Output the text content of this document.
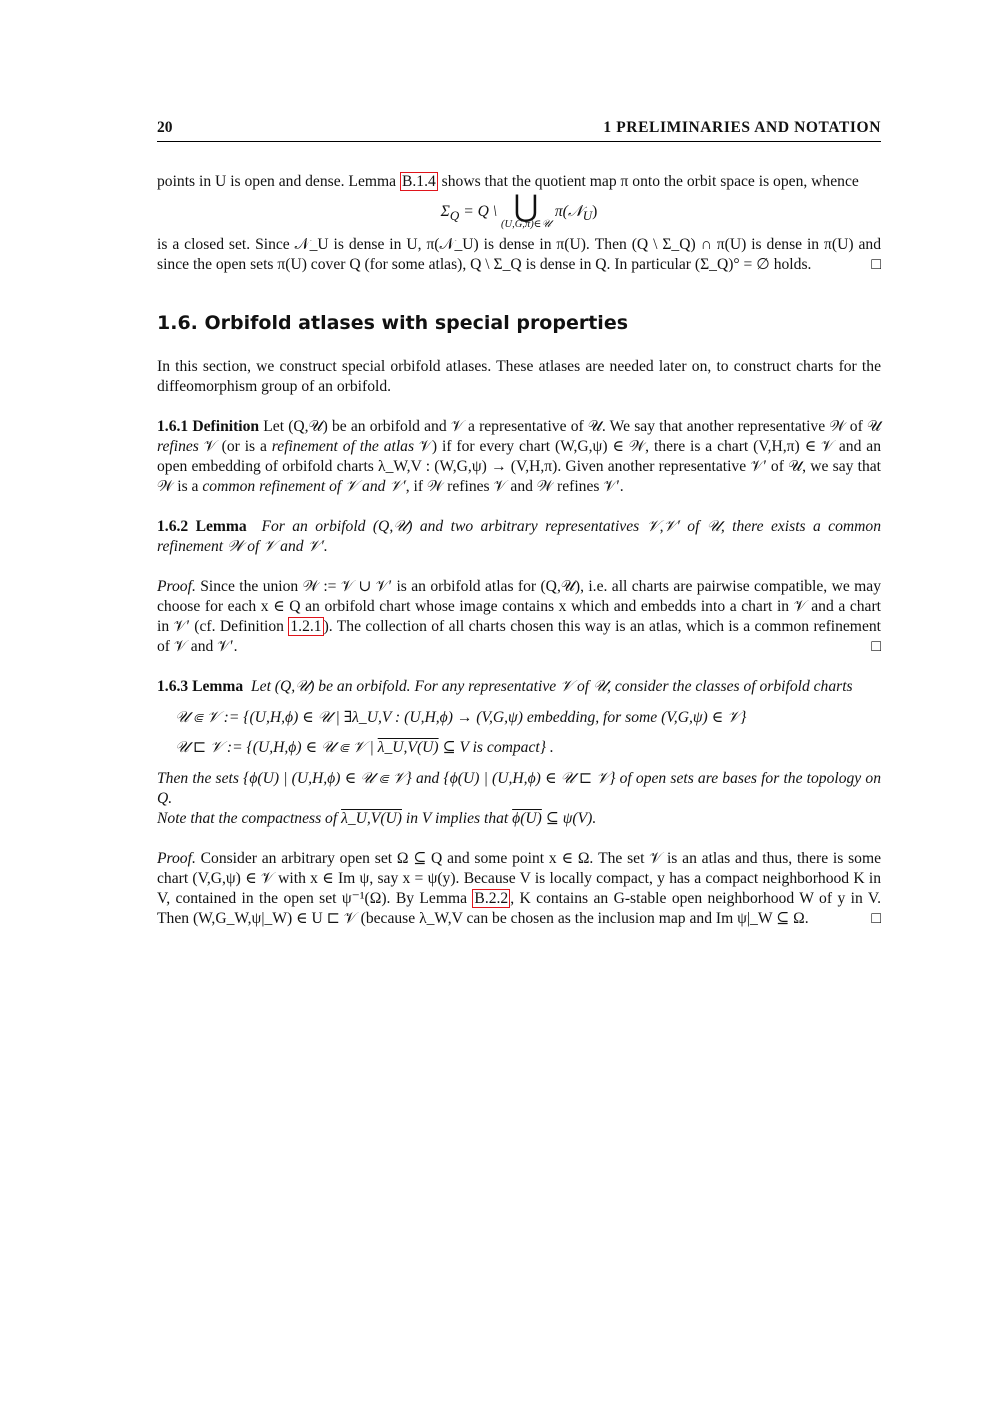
20	1 PRELIMINARIES AND NOTATION

points in U is open and dense. Lemma B.1.4 shows that the quotient map π onto the orbit space is open, whence

$\Sigma_Q = Q$ \ ⋃
(U,G,π)∈𝒰
π(𝒩$_U$)

is a closed set. Since 𝒩_U is dense in U, π(𝒩_U) is dense in π(U). Then (Q \ Σ_Q) ∩ π(U) is dense in π(U) and since the open sets π(U) cover Q (for some atlas), Q \ Σ_Q is dense in Q. In particular (Σ_Q)° = ∅ holds.	□

1.6. Orbifold atlases with special properties

In this section, we construct special orbifold atlases. These atlases are needed later on, to construct charts for the diffeomorphism group of an orbifold.

1.6.1 Definition Let (Q,𝒰) be an orbifold and 𝒱 a representative of 𝒰. We say that another representative 𝒲 of 𝒰 refines 𝒱 (or is a refinement of the atlas 𝒱) if for every chart (W,G,ψ) ∈ 𝒲, there is a chart (V,H,π) ∈ 𝒱 and an open embedding of orbifold charts λ_W,V : (W,G,ψ) → (V,H,π). Given another representative 𝒱′ of 𝒰, we say that 𝒲 is a common refinement of 𝒱 and 𝒱′, if 𝒲 refines 𝒱 and 𝒲 refines 𝒱′.

1.6.2 Lemma For an orbifold (Q,𝒰) and two arbitrary representatives 𝒱,𝒱′ of 𝒰, there exists a common refinement 𝒲 of 𝒱 and 𝒱′.

Proof. Since the union 𝒲 := 𝒱 ∪ 𝒱′ is an orbifold atlas for (Q,𝒰), i.e. all charts are pairwise compatible, we may choose for each x ∈ Q an orbifold chart whose image contains x which and embedds into a chart in 𝒱 and a chart in 𝒱′ (cf. Definition 1.2.1 ). The collection of all charts chosen this way is an atlas, which is a common refinement of 𝒱 and 𝒱′.	□

1.6.3 Lemma Let (Q,𝒰) be an orbifold. For any representative 𝒱 of 𝒰, consider the classes of orbifold charts

𝒰 ⋐ 𝒱 := {(U,H,ϕ) ∈ 𝒰 | ∃λ_U,V : (U,H,ϕ) → (V,G,ψ) embedding, for some (V,G,ψ) ∈ 𝒱}
𝒰 ⊏ 𝒱 := {(U,H,ϕ) ∈ 𝒰 ⋐ 𝒱 | λ_U,V(U) ⊆ V is compact} .

Then the sets {ϕ(U) | (U,H,ϕ) ∈ 𝒰 ⋐ 𝒱} and {ϕ(U) | (U,H,ϕ) ∈ 𝒰 ⊏ 𝒱} of open sets are bases for the topology on Q.

Note that the compactness of λ_U,V(U) in V implies that ϕ(U) ⊆ ψ(V).

Proof. Consider an arbitrary open set Ω ⊆ Q and some point x ∈ Ω. The set 𝒱 is an atlas and thus, there is some chart (V,G,ψ) ∈ 𝒱 with x ∈ Im ψ, say x = ψ(y). Because V is locally compact, y has a compact neighborhood K in V, contained in the open set ψ⁻¹(Ω). By Lemma B.2.2 , K contains an G-stable open neighborhood W of y in V. Then (W,G_W,ψ|_W) ∈ U ⊏ 𝒱 (because λ_W,V can be chosen as the inclusion map and Im ψ|_W ⊆ Ω.	□
